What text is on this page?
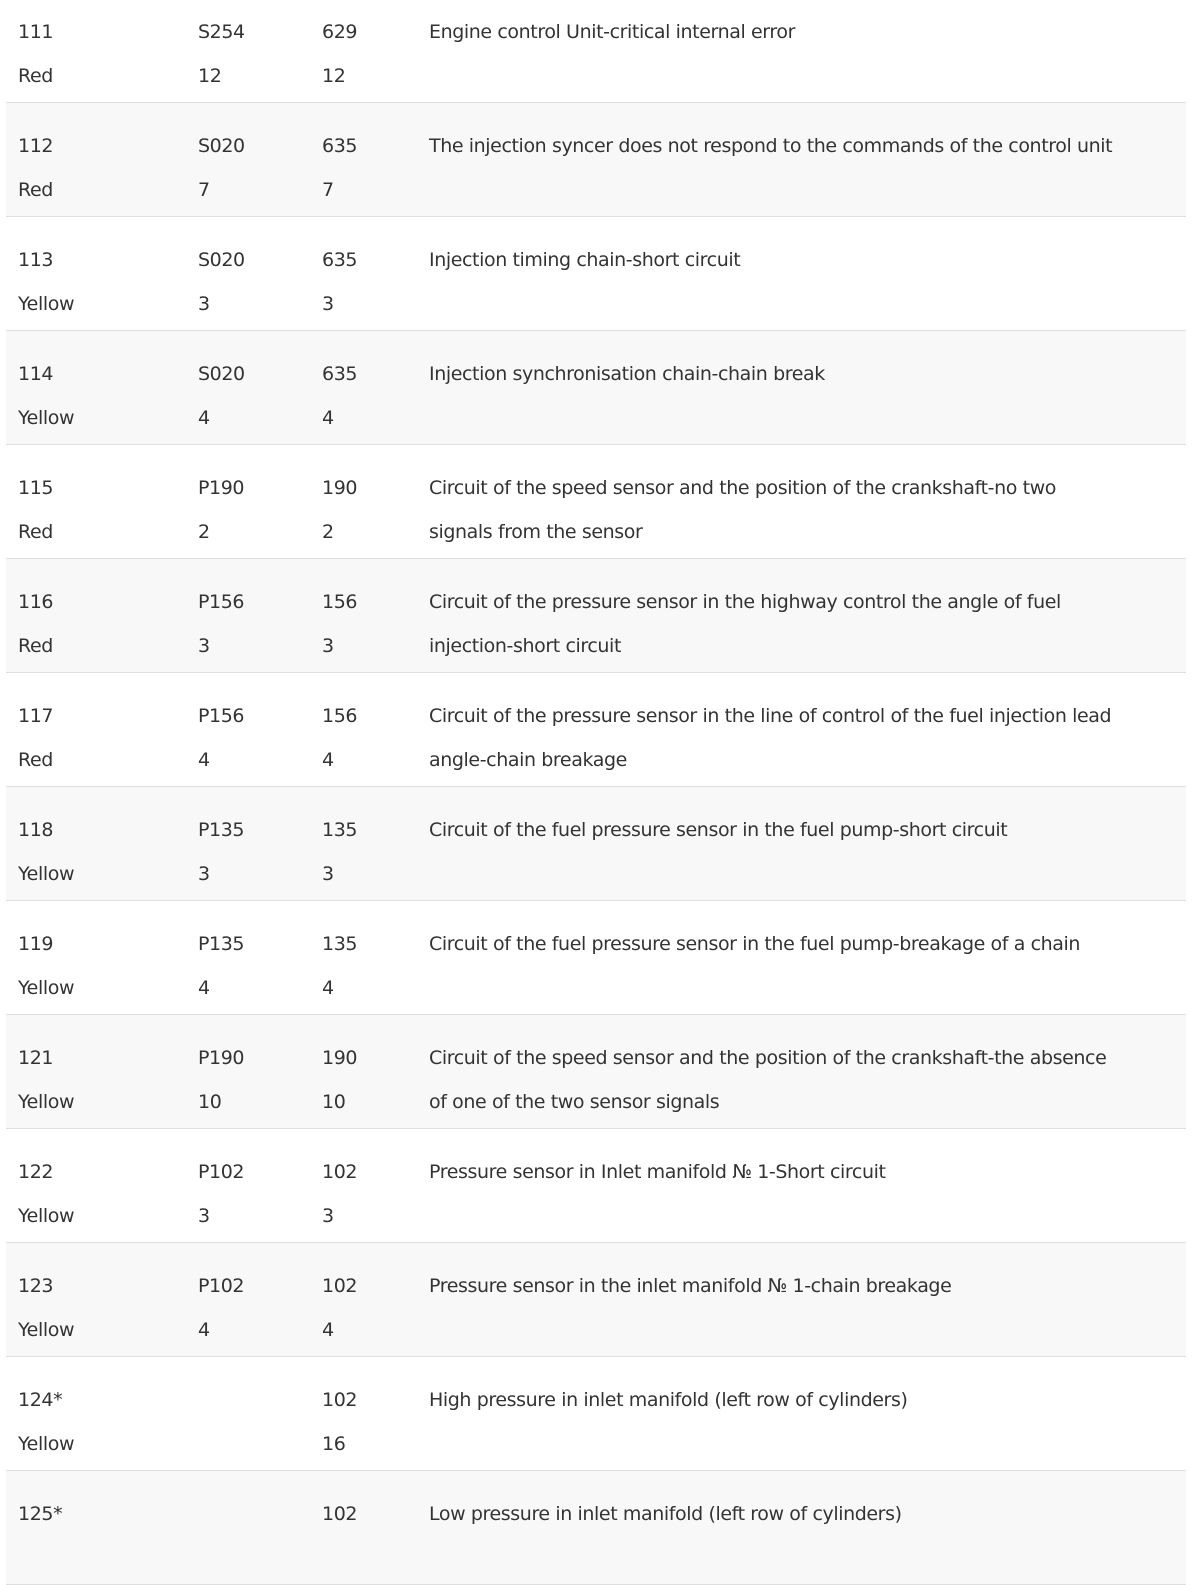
111
Red
S254
12
629
12
Engine control Unit-critical internal error
112
Red
S020
7
635
7
The injection syncer does not respond to the commands of the control unit
113
Yellow
S020
3
635
3
Injection timing chain-short circuit
114
Yellow
S020
4
635
4
Injection synchronisation chain-chain break
115
Red
P190
2
190
2
Circuit of the speed sensor and the position of the crankshaft-no two
signals from the sensor
116
Red
P156
3
156
3
Circuit of the pressure sensor in the highway control the angle of fuel
injection-short circuit
117
Red
P156
4
156
4
Circuit of the pressure sensor in the line of control of the fuel injection lead
angle-chain breakage
118
Yellow
P135
3
135
3
Circuit of the fuel pressure sensor in the fuel pump-short circuit
119
Yellow
P135
4
135
4
Circuit of the fuel pressure sensor in the fuel pump-breakage of a chain
121
Yellow
P190
10
190
10
Circuit of the speed sensor and the position of the crankshaft-the absence
of one of the two sensor signals
122
Yellow
P102
3
102
3
Pressure sensor in Inlet manifold № 1-Short circuit
123
Yellow
P102
4
102
4
Pressure sensor in the inlet manifold № 1-chain breakage
124*
Yellow
102
16
High pressure in inlet manifold (left row of cylinders)
125*	102	Low pressure in inlet manifold (left row of cylinders)
